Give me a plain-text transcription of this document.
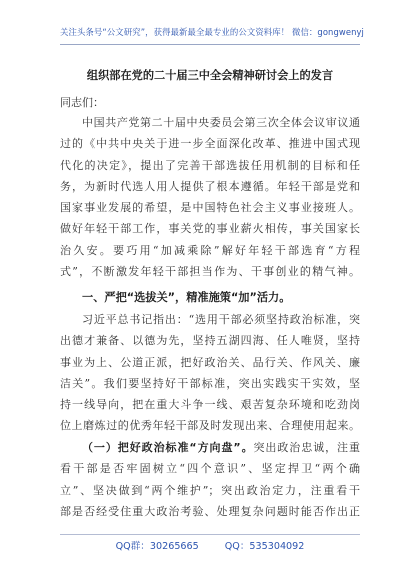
关注头条号“公文研究”，获得最新最全最专业的公文资料库！ 微信：gongwenyj
组织部在党的二十届三中全会精神研讨会上的发言
同志们：
中国共产党第二十届中央委员会第三次全体会议审议通
过的《中共中央关于进一步全面深化改革、推进中国式现
代化的决定》，提出了完善干部选拔任用机制的目标和任
务，为新时代选人用人提供了根本遵循。年轻干部是党和
国家事业发展的希望，是中国特色社会主义事业接班人。
做好年轻干部工作，事关党的事业薪火相传，事关国家长
治久安。要巧用“加减乘除”解好年轻干部选育“方程
式”，不断激发年轻干部担当作为、干事创业的精气神。
一、严把“选拔关”，精准施策“加”活力。
习近平总书记指出：“选用干部必须坚持政治标准，突
出德才兼备、以德为先，坚持五湖四海、任人唯贤，坚持
事业为上、公道正派，把好政治关、品行关、作风关、廉
洁关”。我们要坚持好干部标准，突出实践实干实效，坚
持一线导向，把在重大斗争一线、艰苦复杂环境和吃劲岗
位上磨炼过的优秀年轻干部及时发现出来、合理使用起来。
（一）把好政治标准“方向盘”。突出政治忠诚，注重
看干部是否牢固树立“四个意识”、坚定捍卫“两个确
立”、坚决做到“两个维护”；突出政治定力，注重看干
部是否经受住重大政治考验、处理复杂问题时能否作出正
QQ群：30265665	QQ：535304092
